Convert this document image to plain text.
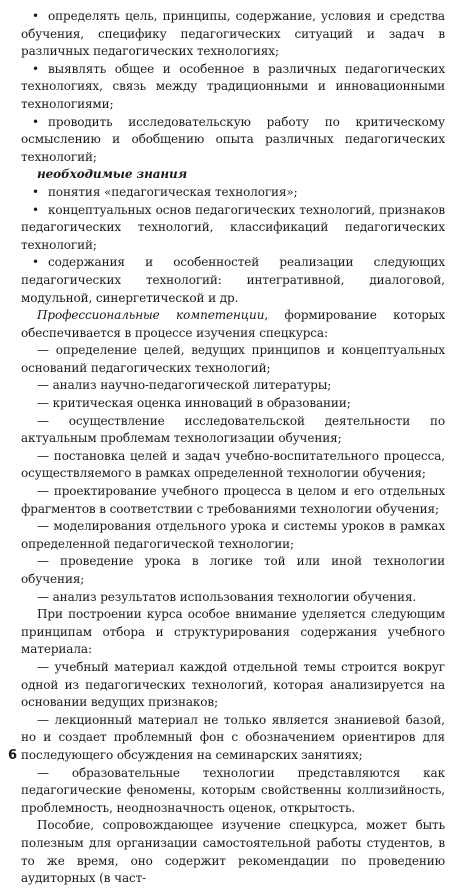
• определять цель, принципы, содержание, условия и средства обучения, специфику педагогических ситуаций и задач в различных педагогических технологиях;

• выявлять общее и особенное в различных педагогических технологиях, связь между традиционными и инновационными технологиями;

• проводить исследовательскую работу по критическому осмыслению и обобщению опыта различных педагогических технологий;

необходимые знания

• понятия «педагогическая технология»;

• концептуальных основ педагогических технологий, признаков педагогических технологий, классификаций педагогических технологий;

• содержания и особенностей реализации следующих педагогических технологий: интегративной, диалоговой, модульной, синергетической и др.

Профессиональные компетенции, формирование которых обеспечивается в процессе изучения спецкурса:

— определение целей, ведущих принципов и концептуальных оснований педагогических технологий;

— анализ научно-педагогической литературы;

— критическая оценка инноваций в образовании;

— осуществление исследовательской деятельности по актуальным проблемам технологизации обучения;

— постановка целей и задач учебно-воспитательного процесса, осуществляемого в рамках определенной технологии обучения;

— проектирование учебного процесса в целом и его отдельных фрагментов в соответствии с требованиями технологии обучения;

— моделирования отдельного урока и системы уроков в рамках определенной педагогической технологии;

— проведение урока в логике той или иной технологии обучения;

— анализ результатов использования технологии обучения.

При построении курса особое внимание уделяется следующим принципам отбора и структурирования содержания учебного материала:

— учебный материал каждой отдельной темы строится вокруг одной из педагогических технологий, которая анализируется на основании ведущих признаков;

— лекционный материал не только является знаниевой базой, но и создает проблемный фон с обозначением ориентиров для последующего обсуждения на семинарских занятиях;

— образовательные технологии представляются как педагогические феномены, которым свойственны коллизийность, проблемность, неоднозначность оценок, открытость.

Пособие, сопровождающее изучение спецкурса, может быть полезным для организации самостоятельной работы студентов, в то же время, оно содержит рекомендации по проведению аудиторных (в част-

6
